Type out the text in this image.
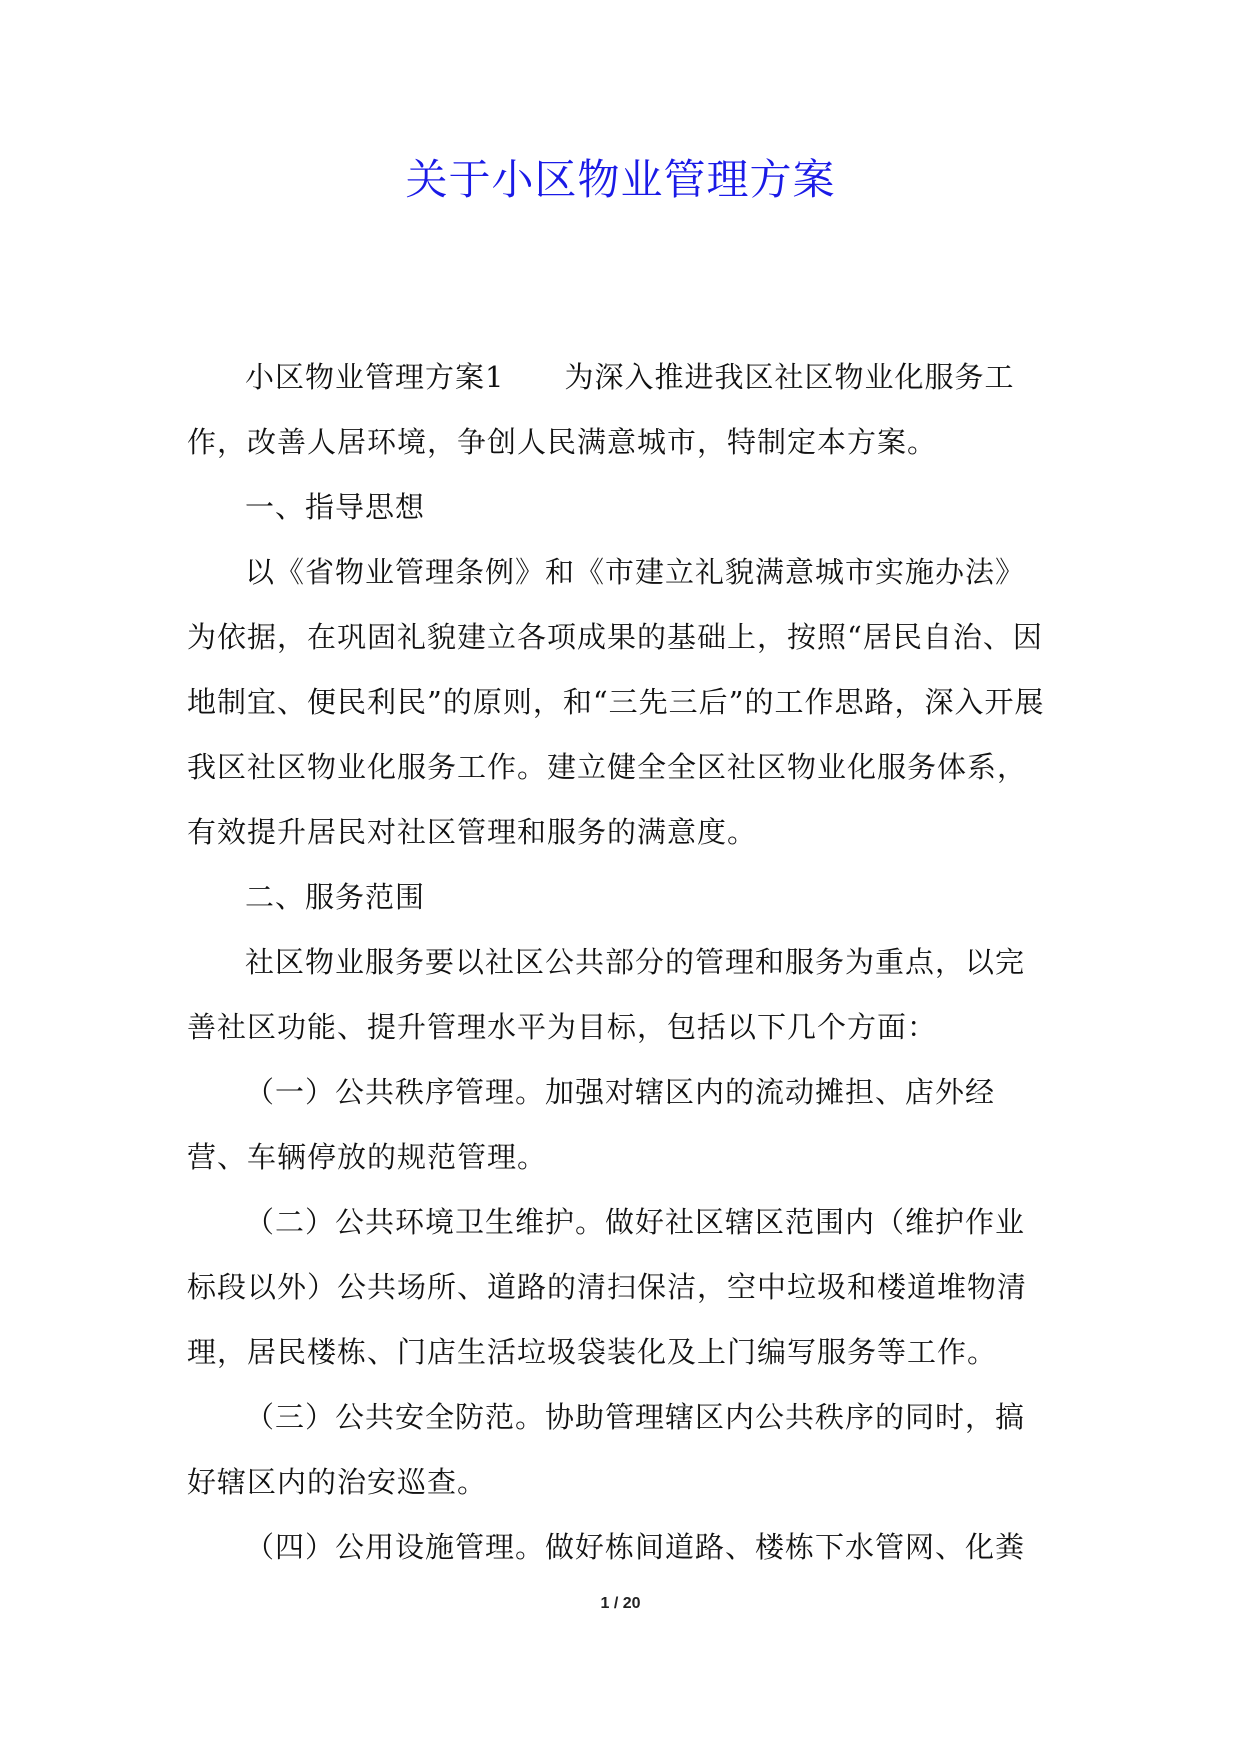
关于小区物业管理方案

小区物业管理方案1　　为深入推进我区社区物业化服务工作，改善人居环境，争创人民满意城市，特制定本方案。

一、指导思想

以《省物业管理条例》和《市建立礼貌满意城市实施办法》为依据，在巩固礼貌建立各项成果的基础上，按照“居民自治、因地制宜、便民利民”的原则，和“三先三后”的工作思路，深入开展我区社区物业化服务工作。建立健全全区社区物业化服务体系，有效提升居民对社区管理和服务的满意度。

二、服务范围

社区物业服务要以社区公共部分的管理和服务为重点，以完善社区功能、提升管理水平为目标，包括以下几个方面：

（一）公共秩序管理。加强对辖区内的流动摊担、店外经营、车辆停放的规范管理。

（二）公共环境卫生维护。做好社区辖区范围内（维护作业标段以外）公共场所、道路的清扫保洁，空中垃圾和楼道堆物清理，居民楼栋、门店生活垃圾袋装化及上门编写服务等工作。

（三）公共安全防范。协助管理辖区内公共秩序的同时，搞好辖区内的治安巡查。

（四）公用设施管理。做好栋间道路、楼栋下水管网、化粪

1 / 20
